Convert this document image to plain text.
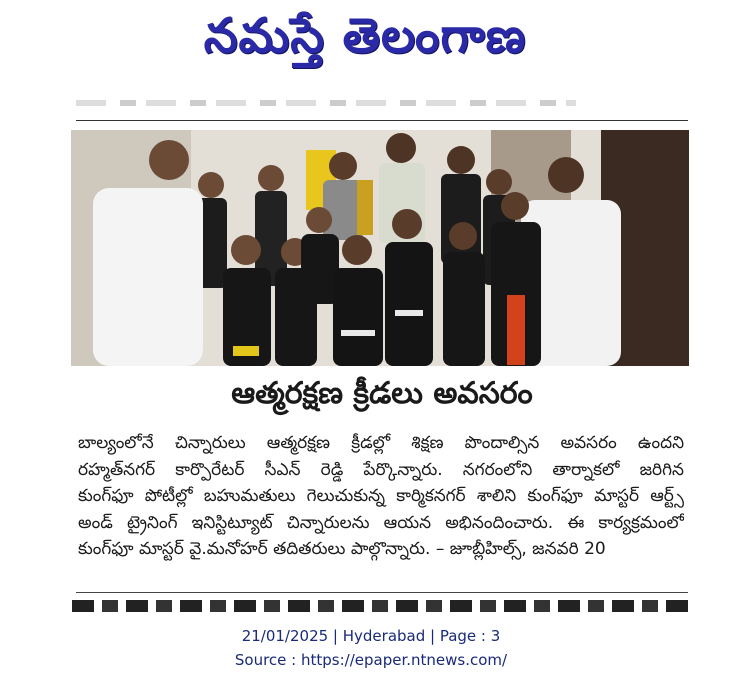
నమస్తే తెలంగాణ
ఆత్మరక్షణ క్రీడలు అవసరం
బాల్యంలోనే చిన్నారులు ఆత్మరక్షణ క్రీడల్లో శిక్షణ పొందాల్సిన అవసరం ఉందని
రహ్మత్‌నగర్ కార్పొరేటర్ సీఎన్ రెడ్డి పేర్కొన్నారు. నగరంలోని తార్నాకలో జరిగిన
కుంగ్‌ఫూ పోటీల్లో బహుమతులు గెలుచుకున్న కార్మికనగర్ శాలిని కుంగ్‌ఫూ మాస్టర్ ఆర్ట్స్
అండ్ ట్రైనింగ్ ఇనిస్టిట్యూట్ చిన్నారులను ఆయన అభినందించారు. ఈ కార్యక్రమంలో
కుంగ్‌ఫూ మాస్టర్ వై.మనోహర్ తదితరులు పాల్గొన్నారు. – జూబ్లీహిల్స్, జనవరి 20
21/01/2025 | Hyderabad | Page : 3
Source : https://epaper.ntnews.com/
